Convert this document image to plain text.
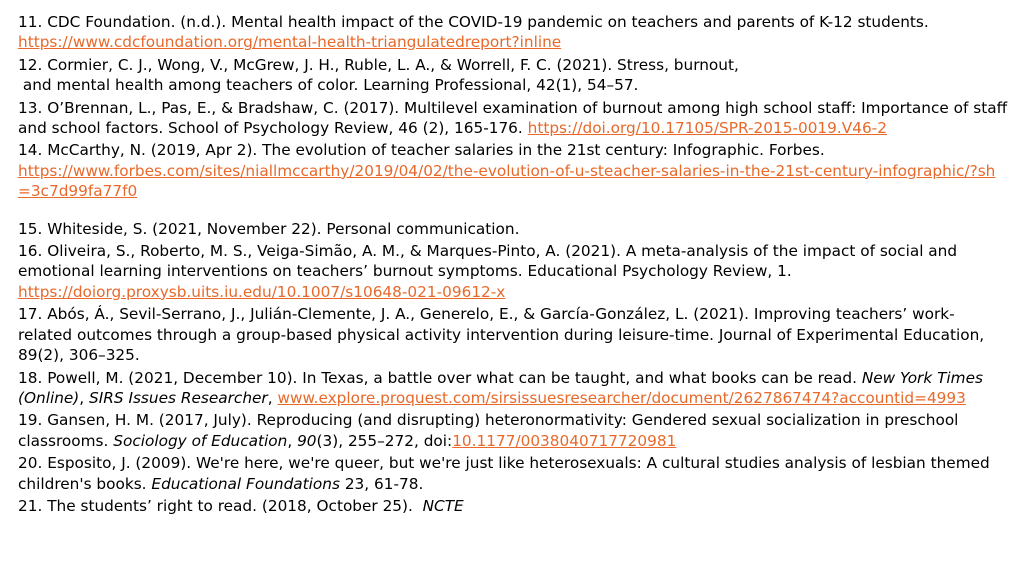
11. CDC Foundation. (n.d.). Mental health impact of the COVID-19 pandemic on teachers and parents of K-12 students.
https://www.cdcfoundation.org/mental-health-triangulatedreport?inline

12. Cormier, C. J., Wong, V., McGrew, J. H., Ruble, L. A., & Worrell, F. C. (2021). Stress, burnout,
and mental health among teachers of color. Learning Professional, 42(1), 54–57.

13. O’Brennan, L., Pas, E., & Bradshaw, C. (2017). Multilevel examination of burnout among high school staff: Importance of staff and school factors. School of Psychology Review, 46 (2), 165-176. https://doi.org/10.17105/SPR-2015-0019.V46-2

14. McCarthy, N. (2019, Apr 2). The evolution of teacher salaries in the 21st century: Infographic. Forbes.
https://www.forbes.com/sites/niallmccarthy/2019/04/02/the-evolution-of-u-steacher-salaries-in-the-21st-century-infographic/?sh=3c7d99fa77f0

15. Whiteside, S. (2021, November 22). Personal communication.

16. Oliveira, S., Roberto, M. S., Veiga-Simão, A. M., & Marques-Pinto, A. (2021). A meta-analysis of the impact of social and emotional learning interventions on teachers’ burnout symptoms. Educational Psychology Review, 1.
https://doiorg.proxysb.uits.iu.edu/10.1007/s10648-021-09612-x

17. Abós, Á., Sevil-Serrano, J., Julián-Clemente, J. A., Generelo, E., & García-González, L. (2021). Improving teachers’ work-related outcomes through a group-based physical activity intervention during leisure-time. Journal of Experimental Education, 89(2), 306–325.

18. Powell, M. (2021, December 10). In Texas, a battle over what can be taught, and what books can be read. New York Times (Online), SIRS Issues Researcher, www.explore.proquest.com/sirsissuesresearcher/document/2627867474?accountid=4993

19. Gansen, H. M. (2017, July). Reproducing (and disrupting) heteronormativity: Gendered sexual socialization in preschool classrooms. Sociology of Education, 90(3), 255–272, doi:10.1177/0038040717720981

20. Esposito, J. (2009). We're here, we're queer, but we're just like heterosexuals: A cultural studies analysis of lesbian themed children's books. Educational Foundations 23, 61-78.

21. The students’ right to read. (2018, October 25).  NCTE
